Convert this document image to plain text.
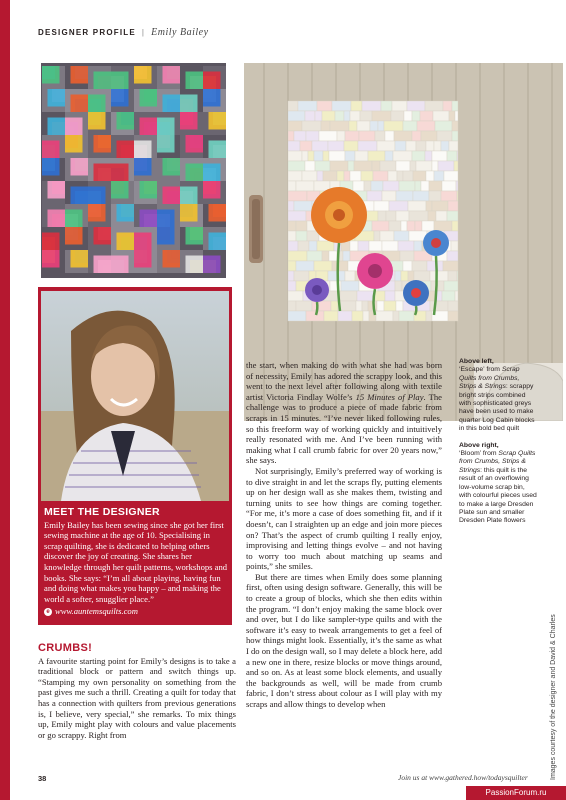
DESIGNER PROFILE | Emily Bailey
MEET THE DESIGNER

Emily Bailey has been sewing since she got her first sewing machine at the age of 10. Specialising in scrap quilting, she is dedicated to helping others discover the joy of creating. She shares her knowledge through her quilt patterns, workshops and books. She says: “I’m all about playing, having fun and doing what makes you happy – and making the world a softer, snugglier place.”

e www.auntemsquilts.com
CRUMBS!

A favourite starting point for Emily’s designs is to take a traditional block or pattern and switch things up. “Stamping my own personality on something from the past gives me such a thrill. Creating a quilt for today that has a connection with quilters from previous generations is, I believe, very special,” she remarks. To mix things up, Emily might play with colours and value placements or go scrappy. Right from

the start, when making do with what she had was born of necessity, Emily has adored the scrappy look, and this went to the next level after following along with textile artist Victoria Findlay Wolfe’s 15 Minutes of Play. The challenge was to produce a piece of made fabric from scraps in 15 minutes. “I’ve never liked following rules, so this freeform way of working quickly and intuitively really resonated with me. And I’ve been running with making what I call crumb fabric for over 20 years now,” she says.

Not surprisingly, Emily’s preferred way of working is to dive straight in and let the scraps fly, putting elements up on her design wall as she makes them, twisting and turning units to see how things are coming together. “For me, it’s more a case of does something fit, and if it doesn’t, can I straighten up an edge and join more pieces on? That’s the aspect of crumb quilting I really enjoy, improvising and letting things evolve – and not having to worry too much about matching up seams and points,” she smiles.

But there are times when Emily does some planning first, often using design software. Generally, this will be to create a group of blocks, which she then edits within the program. “I don’t enjoy making the same block over and over, but I do like sampler-type quilts and with the software it’s easy to tweak arrangements to get a feel of how things might look. Essentially, it’s the same as what I do on the design wall, so I may delete a block here, add a new one in there, resize blocks or move things around, and so on. As at least some block elements, and usually the backgrounds as well, will be made from crumb fabric, I don’t stress about colour as I will play with my scraps and allow things to develop when

Above left,
‘Escape’ from Scrap Quilts from Crumbs, Strips & Strings: scrappy bright strips combined with sophisticated greys have been used to make quarter Log Cabin blocks in this bold bed quilt
Above right,
‘Bloom’ from Scrap Quilts from Crumbs, Strips & Strings: this quilt is the result of an overflowing low-volume scrap bin, with colourful pieces used to make a large Dresden Plate sun and smaller Dresden Plate flowers
Images courtesy of the designer and David & Charles
38	Join us at www.gathered.how/todaysquilter
PassionForum.ru
